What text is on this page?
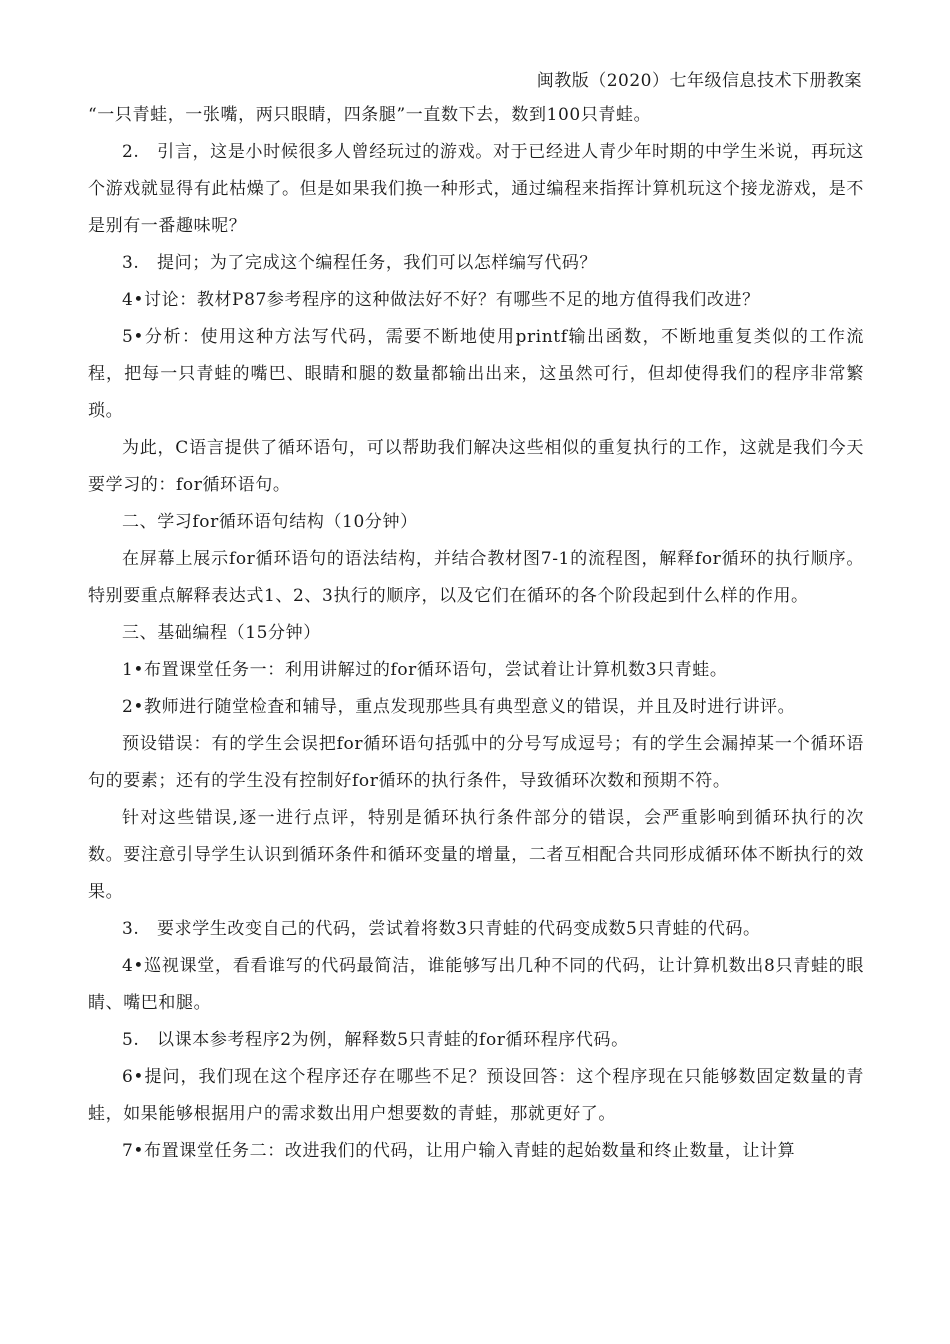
闽教版（2020）七年级信息技术下册教案

“一只青蛙，一张嘴，两只眼睛，四条腿”一直数下去，数到100只青蛙。

2.　引言，这是小时候很多人曾经玩过的游戏。对于已经进人青少年时期的中学生米说，再玩这个游戏就显得有此枯燥了。但是如果我们换一种形式，通过编程来指挥计算机玩这个接龙游戏，是不是别有一番趣味呢？

3.　提问；为了完成这个编程任务，我们可以怎样编写代码？

4•讨论：教材P87参考程序的这种做法好不好？有哪些不足的地方值得我们改进？

5•分析：使用这种方法写代码，需要不断地使用printf输出函数，不断地重复类似的工作流程，把每一只青蛙的嘴巴、眼睛和腿的数量都输出出来，这虽然可行，但却使得我们的程序非常繁琐。

为此，C语言提供了循环语句，可以帮助我们解决这些相似的重复执行的工作，这就是我们今天要学习的：for循环语句。

二、学习for循环语句结构（10分钟）

在屏幕上展示for循环语句的语法结构，并结合教材图7-1的流程图，解释for循环的执行顺序。特别要重点解释表达式1、2、3执行的顺序，以及它们在循环的各个阶段起到什么样的作用。

三、基础编程（15分钟）

1•布置课堂任务一：利用讲解过的for循环语句，尝试着让计算机数3只青蛙。

2•教师进行随堂检査和辅导，重点发现那些具有典型意义的错误，并且及时进行讲评。

预设错误：有的学生会误把for循环语句括弧中的分号写成逗号；有的学生会漏掉某一个循环语句的要素；还有的学生没有控制好for循环的执行条件，导致循环次数和预期不符。

针对这些错误,逐一进行点评，特别是循环执行条件部分的错误，会严重影响到循环执行的次数。要注意引导学生认识到循环条件和循环变量的增量，二者互相配合共同形成循环体不断执行的效果。

3.　要求学生改变自己的代码，尝试着将数3只青蛙的代码变成数5只青蛙的代码。

4•巡视课堂，看看谁写的代码最简洁，谁能够写出几种不同的代码，让计算机数出8只青蛙的眼睛、嘴巴和腿。

5.　以课本参考程序2为例，解释数5只青蛙的for循环程序代码。

6•提问，我们现在这个程序还存在哪些不足？预设回答：这个程序现在只能够数固定数量的青蛙，如果能够根据用户的需求数出用户想要数的青蛙，那就更好了。

7•布置课堂任务二：改进我们的代码，让用户输入青蛙的起始数量和终止数量，让计算
